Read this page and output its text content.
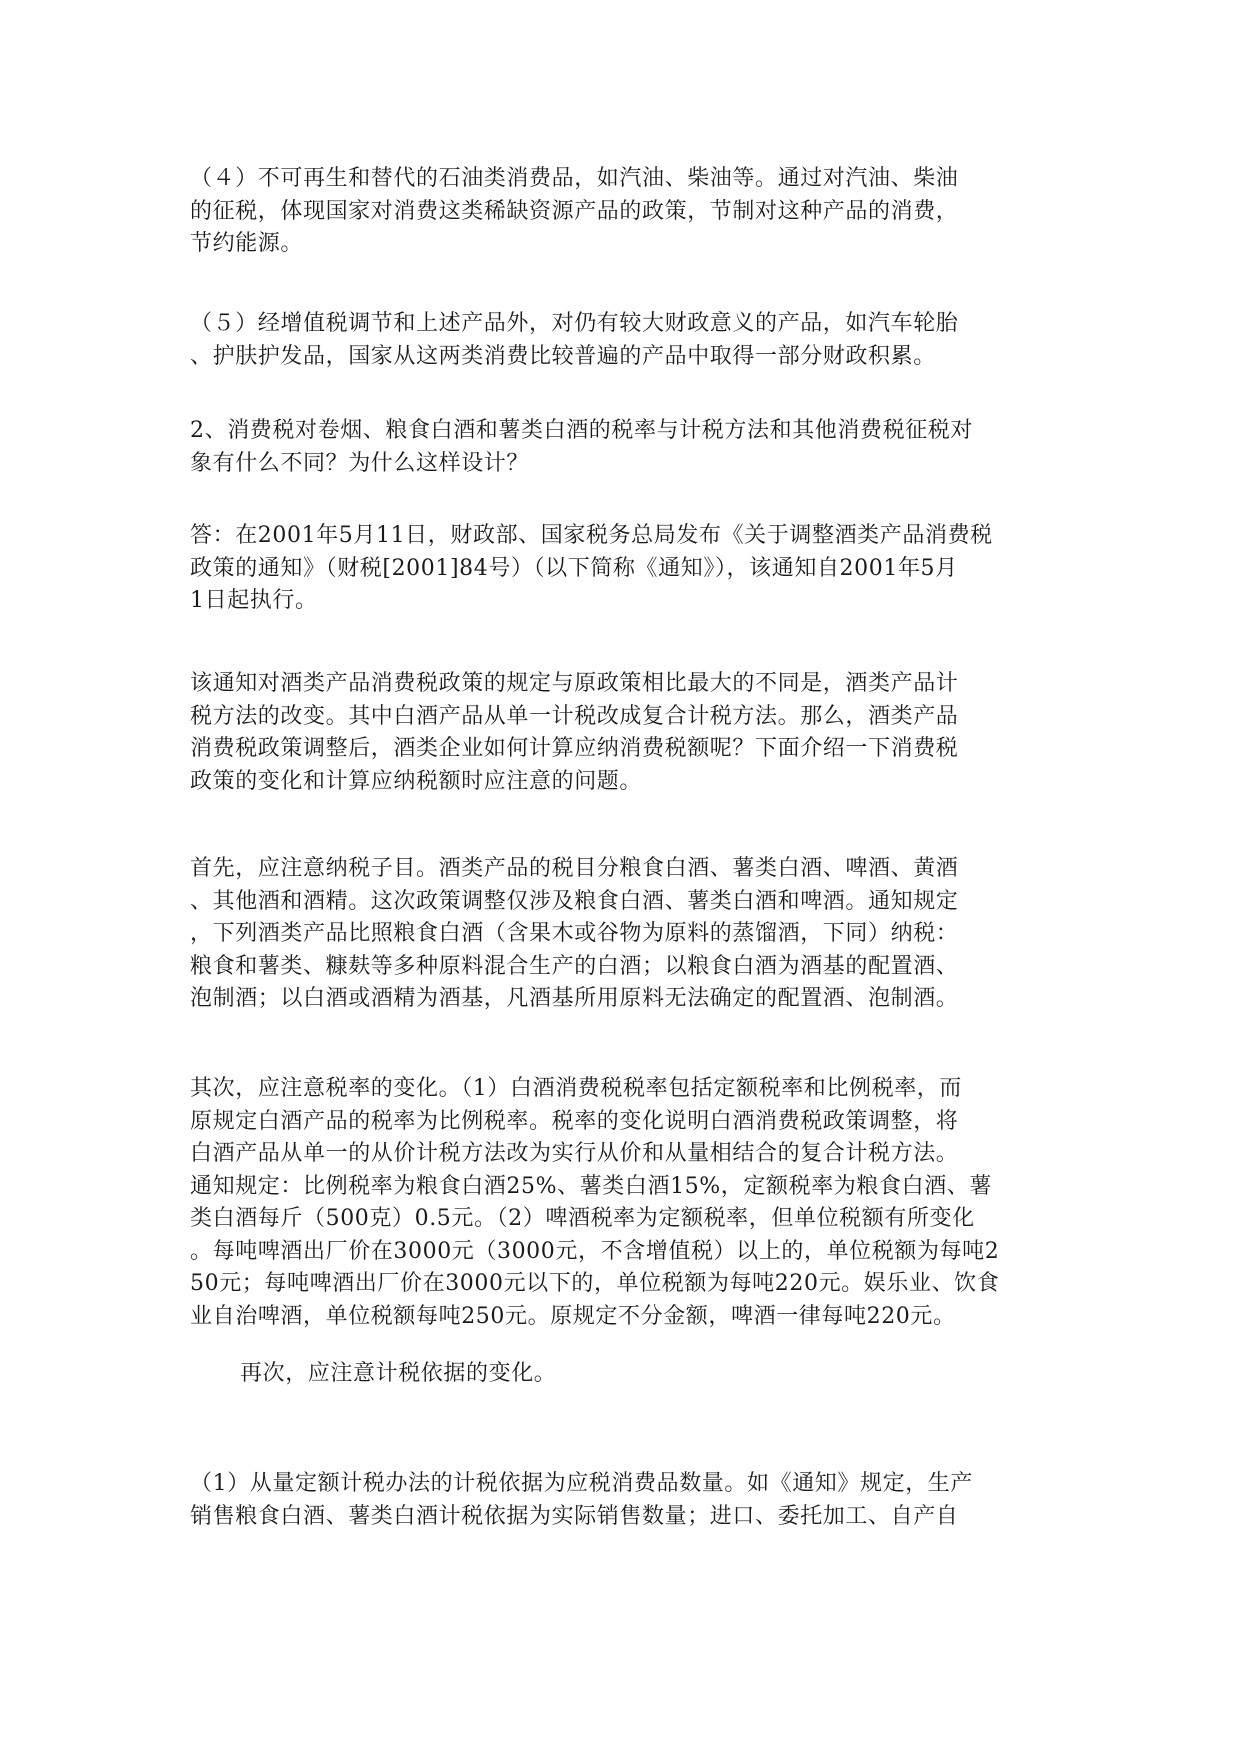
（４）不可再生和替代的石油类消费品，如汽油、柴油等。通过对汽油、柴油
的征税，体现国家对消费这类稀缺资源产品的政策，节制对这种产品的消费，
节约能源。

（５）经增值税调节和上述产品外，对仍有较大财政意义的产品，如汽车轮胎
、护肤护发品，国家从这两类消费比较普遍的产品中取得一部分财政积累。

2、消费税对卷烟、粮食白酒和薯类白酒的税率与计税方法和其他消费税征税对
象有什么不同？为什么这样设计？

答：在2001年5月11日，财政部、国家税务总局发布《关于调整酒类产品消费税
政策的通知》（财税[2001]84号）（以下简称《通知》），该通知自2001年5月
1日起执行。

该通知对酒类产品消费税政策的规定与原政策相比最大的不同是，酒类产品计
税方法的改变。其中白酒产品从单一计税改成复合计税方法。那么，酒类产品
消费税政策调整后，酒类企业如何计算应纳消费税额呢？下面介绍一下消费税
政策的变化和计算应纳税额时应注意的问题。

首先，应注意纳税子目。酒类产品的税目分粮食白酒、薯类白酒、啤酒、黄酒
、其他酒和酒精。这次政策调整仅涉及粮食白酒、薯类白酒和啤酒。通知规定
，下列酒类产品比照粮食白酒（含果木或谷物为原料的蒸馏酒，下同）纳税：
粮食和薯类、糠麸等多种原料混合生产的白酒；以粮食白酒为酒基的配置酒、
泡制酒；以白酒或酒精为酒基，凡酒基所用原料无法确定的配置酒、泡制酒。

其次，应注意税率的变化。（1）白酒消费税税率包括定额税率和比例税率，而
原规定白酒产品的税率为比例税率。税率的变化说明白酒消费税政策调整，将
白酒产品从单一的从价计税方法改为实行从价和从量相结合的复合计税方法。
通知规定：比例税率为粮食白酒25%、薯类白酒15%，定额税率为粮食白酒、薯
类白酒每斤（500克）0.5元。（2）啤酒税率为定额税率，但单位税额有所变化
。每吨啤酒出厂价在3000元（3000元，不含增值税）以上的，单位税额为每吨2
50元；每吨啤酒出厂价在3000元以下的，单位税额为每吨220元。娱乐业、饮食
业自治啤酒，单位税额每吨250元。原规定不分金额，啤酒一律每吨220元。

再次，应注意计税依据的变化。

（1）从量定额计税办法的计税依据为应税消费品数量。如《通知》规定，生产
销售粮食白酒、薯类白酒计税依据为实际销售数量；进口、委托加工、自产自
